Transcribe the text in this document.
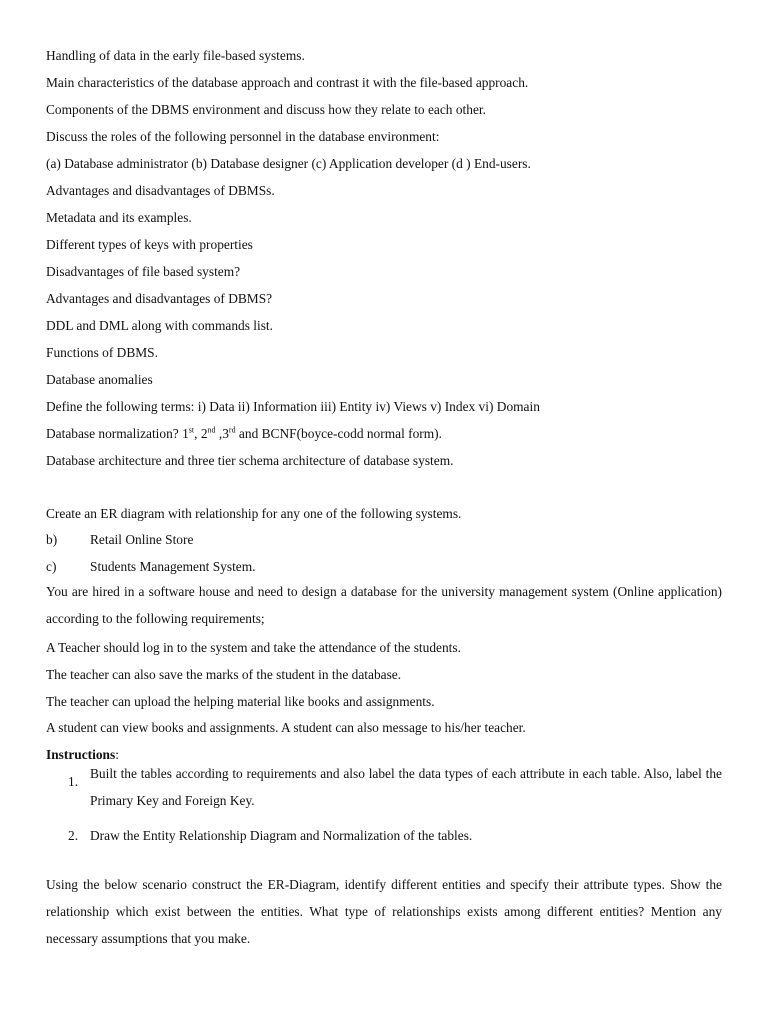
Handling of data in the early file-based systems.
Main characteristics of the database approach and contrast it with the file-based approach.
Components of the DBMS environment and discuss how they relate to each other.
Discuss the roles of the following personnel in the database environment:
(a) Database administrator (b) Database designer (c) Application developer (d ) End-users.
Advantages and disadvantages of DBMSs.
Metadata and its examples.
Different types of keys with properties
Disadvantages of file based system?
Advantages and disadvantages of DBMS?
DDL and DML along with commands list.
Functions of DBMS.
Database anomalies
Define the following terms: i) Data ii) Information iii) Entity iv) Views v) Index vi) Domain
Database normalization? 1st, 2nd ,3rd and BCNF(boyce-codd normal form).
Database architecture and three tier schema architecture of database system.
Create an ER diagram with relationship for any one of the following systems.
b) Retail Online Store
c)	Students Management System.
You are hired in a software house and need to design a database for the university management system (Online application) according to the following requirements;
A Teacher should log in to the system and take the attendance of the students.
The teacher can also save the marks of the student in the database.
The teacher can upload the helping material like books and assignments.
A student can view books and assignments. A student can also message to his/her teacher.
Instructions:
1.
Built the tables according to requirements and also label the data types of each attribute in each table. Also, label the Primary Key and Foreign Key.
2. Draw the Entity Relationship Diagram and Normalization of the tables.
Using the below scenario construct the ER-Diagram, identify different entities and specify their attribute types. Show the relationship which exist between the entities. What type of relationships exists among different entities? Mention any necessary assumptions that you make.
